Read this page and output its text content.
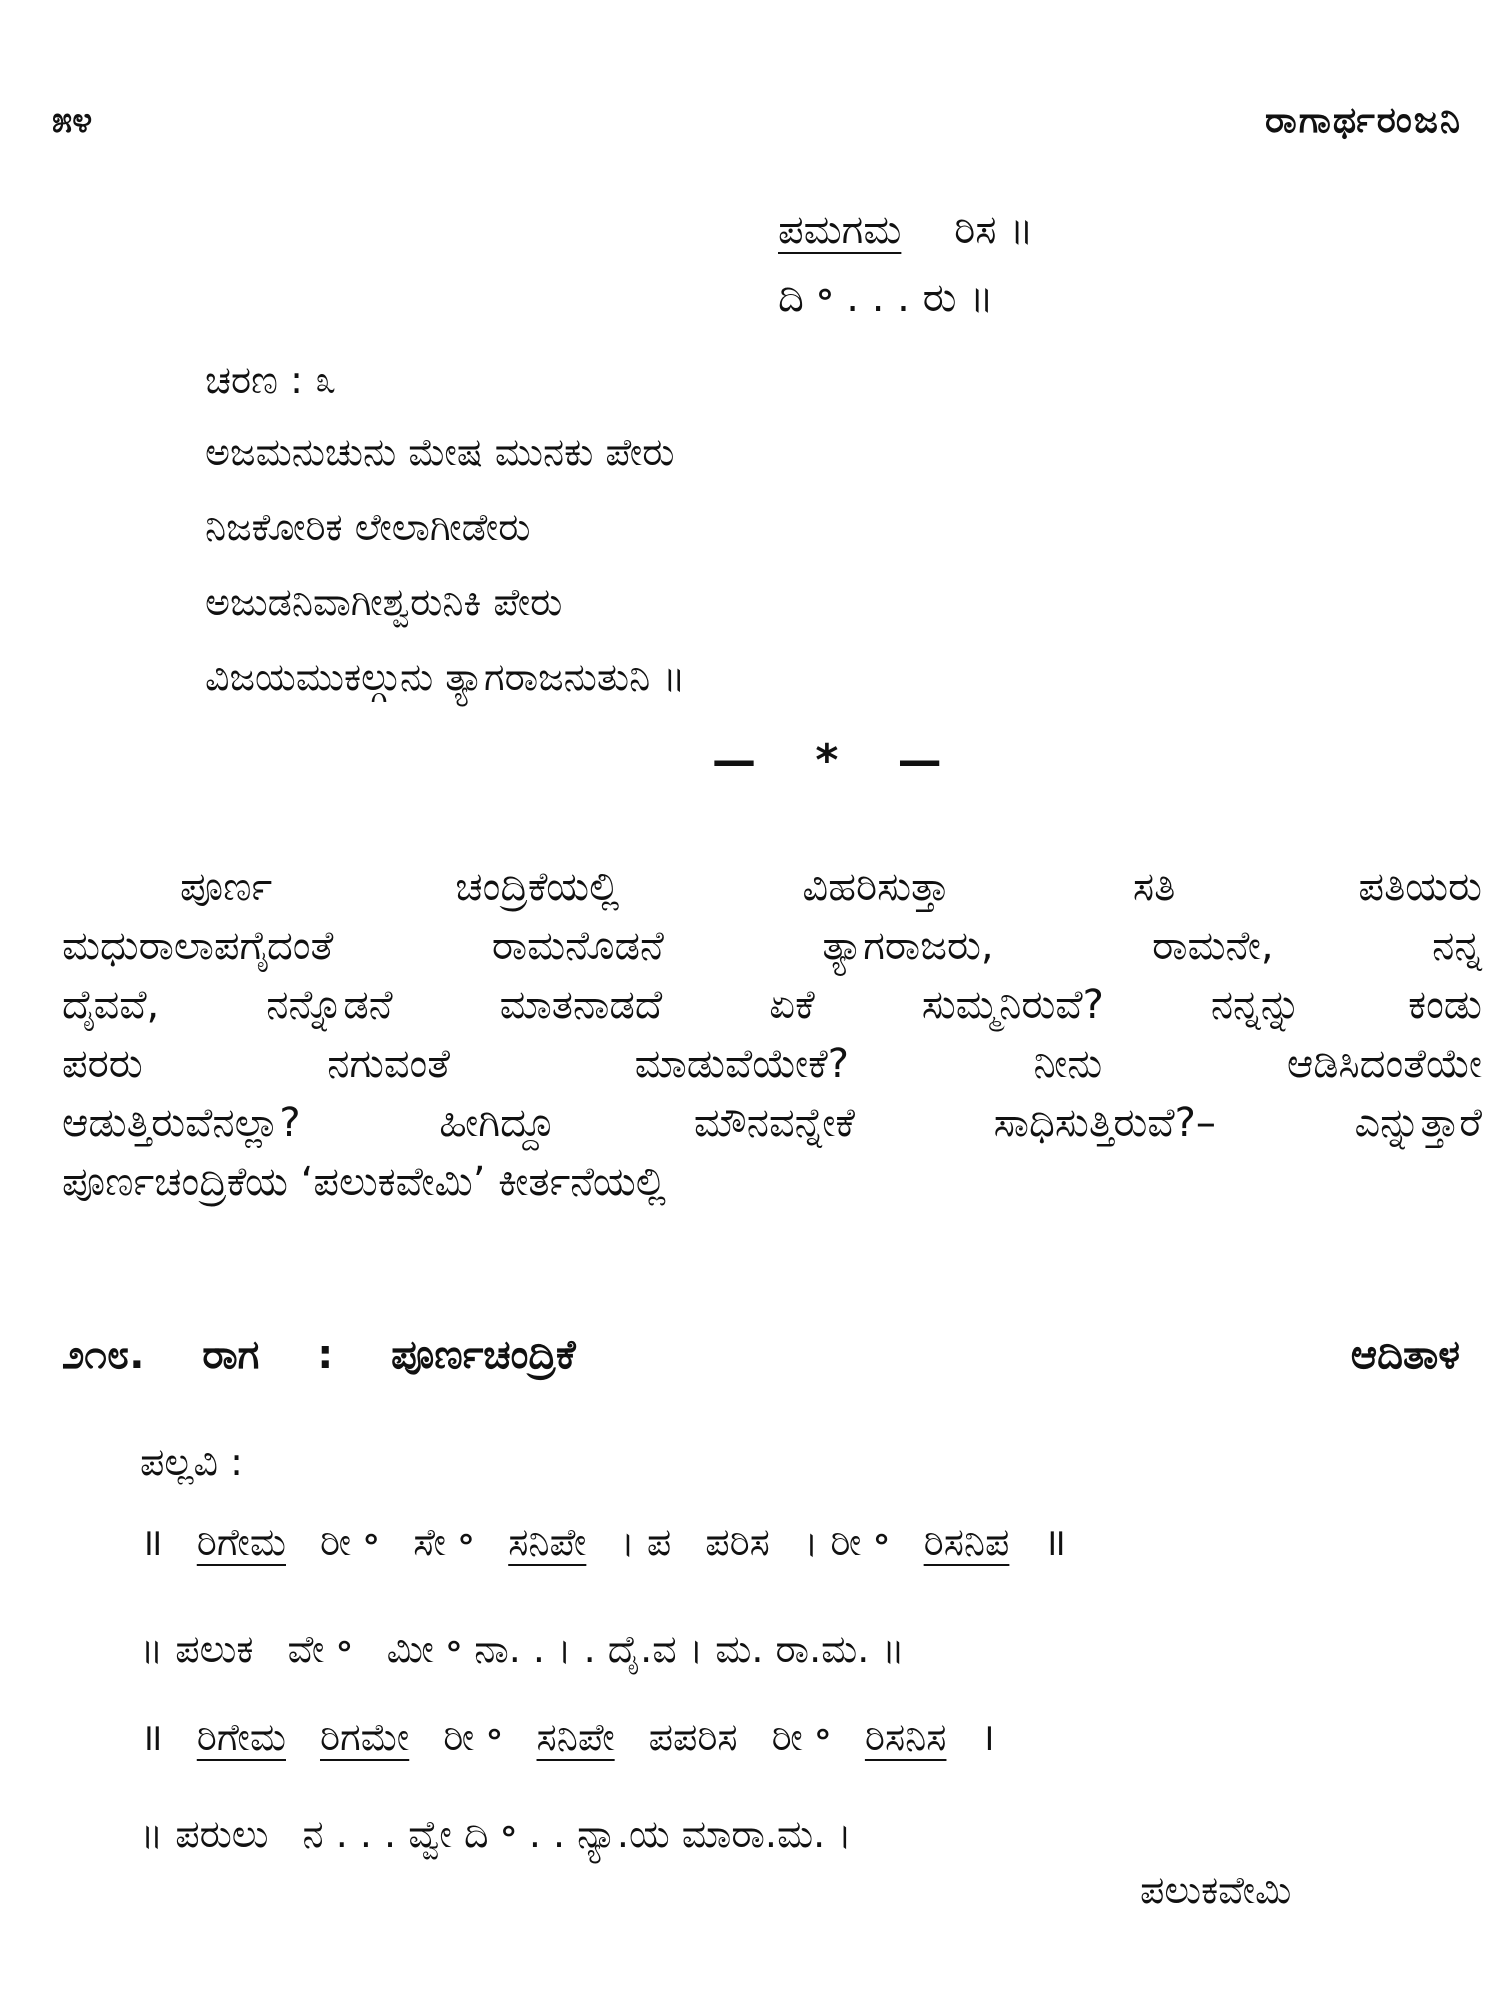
೫೪	ರಾಗಾರ್ಥರಂಜನಿ
ಪಮಗಮ ರಿಸ ॥
ದಿ ॰ . . . ರು ॥
ಚರಣ : ೩
ಅಜಮನುಚುನು ಮೇಷ ಮುನಕು ಪೇರು
ನಿಜಕೋರಿಕ ಲೇಲಾಗೀಡೇರು
ಅಜುಡನಿವಾಗೀಶ್ವರುನಿಕಿ ಪೇರು
ವಿಜಯಮುಕಲ್ಗುನು ತ್ಯಾಗರಾಜನುತುನಿ ॥
— * —
ಪೂರ್ಣ ಚಂದ್ರಿಕೆಯಲ್ಲಿ ವಿಹರಿಸುತ್ತಾ ಸತಿ ಪತಿಯರು
ಮಧುರಾಲಾಪಗೈದಂತೆ ರಾಮನೊಡನೆ ತ್ಯಾಗರಾಜರು, ರಾಮನೇ, ನನ್ನ
ದೈವವೆ, ನನ್ನೊಡನೆ ಮಾತನಾಡದೆ ಏಕೆ ಸುಮ್ಮನಿರುವೆ? ನನ್ನನ್ನು ಕಂಡು
ಪರರು ನಗುವಂತೆ ಮಾಡುವೆಯೇಕೆ? ನೀನು ಆಡಿಸಿದಂತೆಯೇ
ಆಡುತ್ತಿರುವೆನಲ್ಲಾ? ಹೀಗಿದ್ದೂ ಮೌನವನ್ನೇಕೆ ಸಾಧಿಸುತ್ತಿರುವೆ?– ಎನ್ನುತ್ತಾರೆ
ಪೂರ್ಣಚಂದ್ರಿಕೆಯ ‘ಪಲುಕವೇಮಿ’ ಕೀರ್ತನೆಯಲ್ಲಿ
೨೧೮. ರಾಗ : ಪೂರ್ಣಚಂದ್ರಿಕೆ	ಆದಿತಾಳ
ಪಲ್ಲವಿ :
॥ ರಿಗೇಮ ರೀ ॰ ಸೇ ॰ ಸನಿಪೇ । ಪ ಪರಿಸ । ರೀ ॰ ರಿಸನಿಪ ॥
॥ ಪಲುಕ ವೇ ॰ ಮೀ ॰ ನಾ. . । . ದೈ.ವ । ಮ. ರಾ.ಮ. ॥
॥ ರಿಗೇಮ ರಿಗಮೇ ರೀ ॰ ಸನಿಪೇ ಪಪರಿಸ ರೀ ॰ ರಿಸನಿಸ ।
॥ ಪರುಲು ನ . . . ವ್ವೇ ದಿ ॰ . . ನ್ಯಾ.ಯ ಮಾರಾ.ಮ. ।
ಪಲುಕವೇಮಿ
